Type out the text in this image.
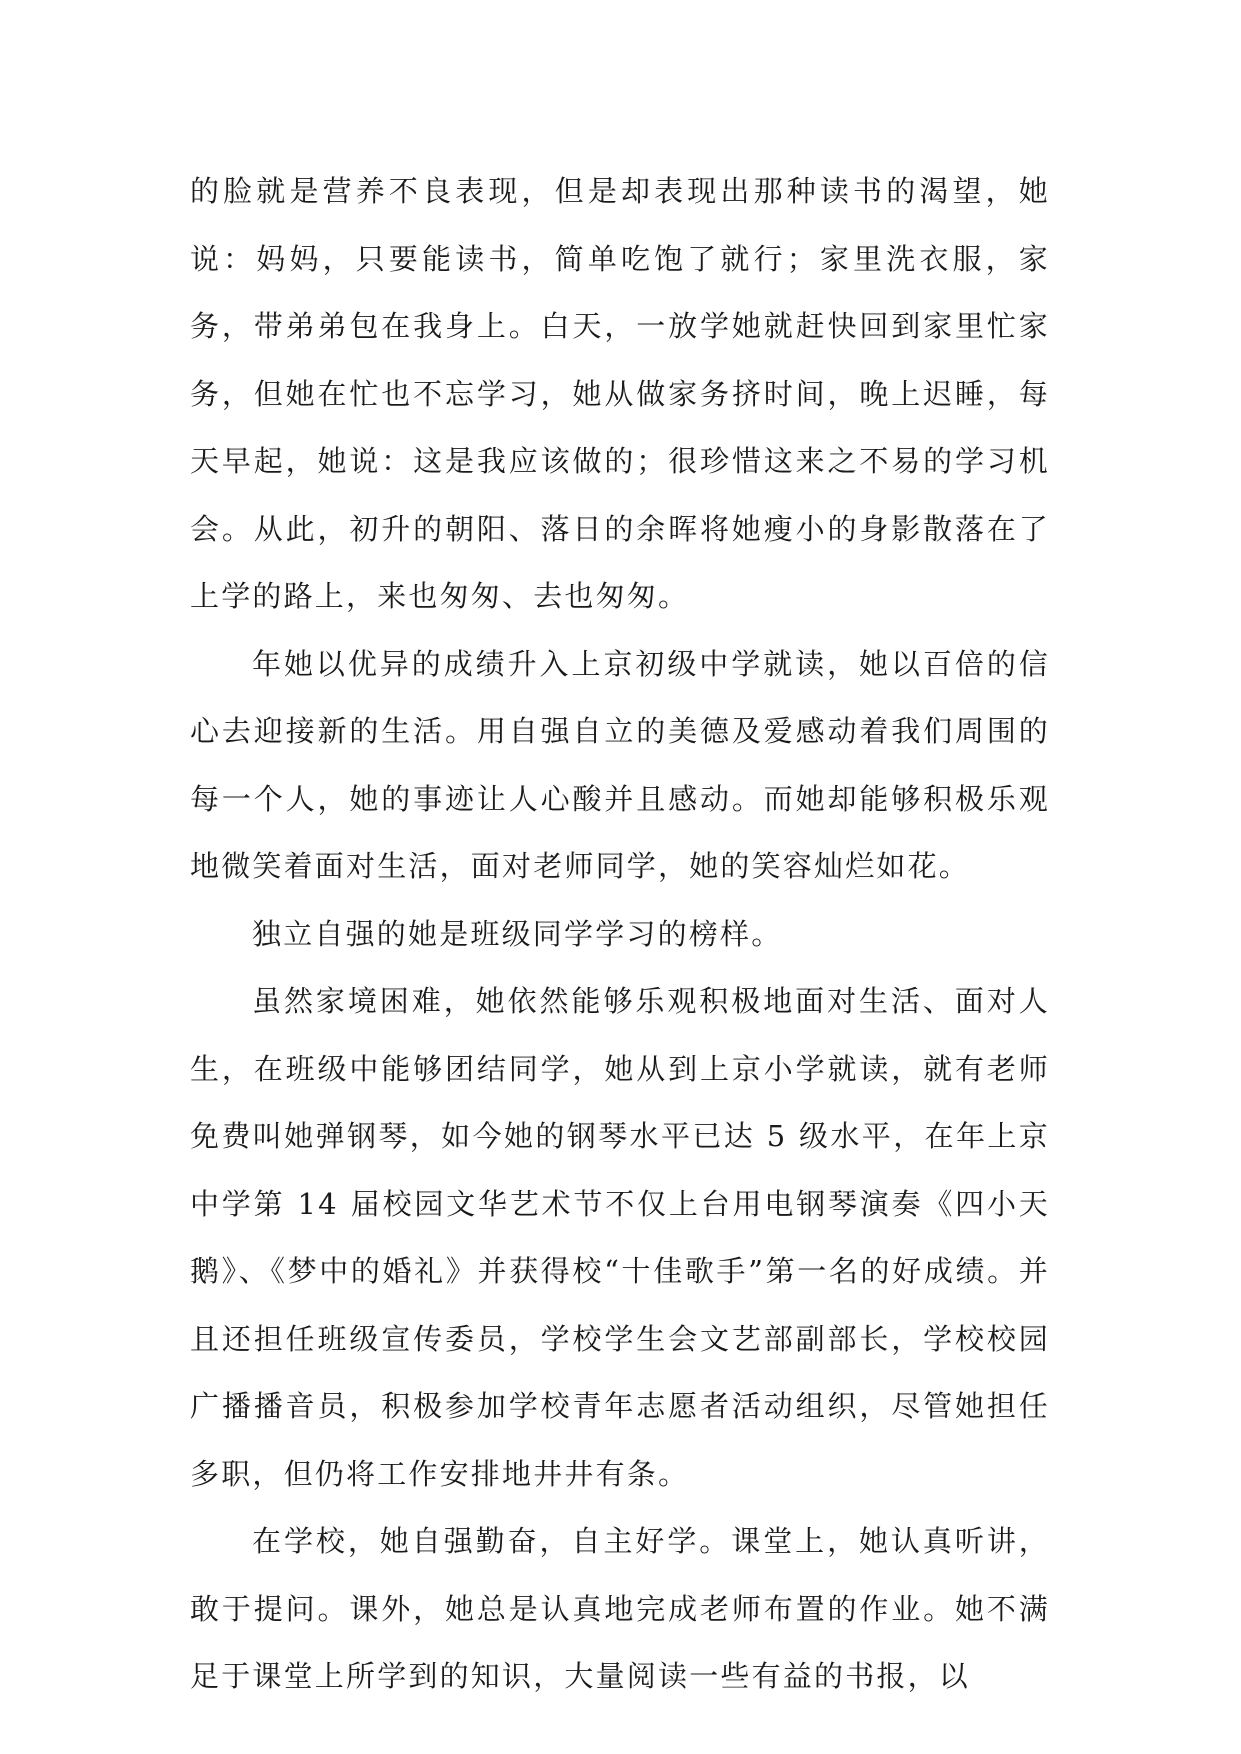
的脸就是营养不良表现，但是却表现出那种读书的渴望，她说：妈妈，只要能读书，简单吃饱了就行；家里洗衣服，家务，带弟弟包在我身上。白天，一放学她就赶快回到家里忙家务，但她在忙也不忘学习，她从做家务挤时间，晚上迟睡，每天早起，她说：这是我应该做的；很珍惜这来之不易的学习机会。从此，初升的朝阳、落日的余晖将她瘦小的身影散落在了上学的路上，来也匆匆、去也匆匆。

年她以优异的成绩升入上京初级中学就读，她以百倍的信心去迎接新的生活。用自强自立的美德及爱感动着我们周围的每一个人，她的事迹让人心酸并且感动。而她却能够积极乐观地微笑着面对生活，面对老师同学，她的笑容灿烂如花。

独立自强的她是班级同学学习的榜样。

虽然家境困难，她依然能够乐观积极地面对生活、面对人生，在班级中能够团结同学，她从到上京小学就读，就有老师免费叫她弹钢琴，如今她的钢琴水平已达 5 级水平，在年上京中学第 14 届校园文华艺术节不仅上台用电钢琴演奏《四小天鹅》、《梦中的婚礼》并获得校“十佳歌手”第一名的好成绩。并且还担任班级宣传委员，学校学生会文艺部副部长，学校校园广播播音员，积极参加学校青年志愿者活动组织，尽管她担任多职，但仍将工作安排地井井有条。

在学校，她自强勤奋，自主好学。课堂上，她认真听讲，敢于提问。课外，她总是认真地完成老师布置的作业。她不满足于课堂上所学到的知识，大量阅读一些有益的书报，以
